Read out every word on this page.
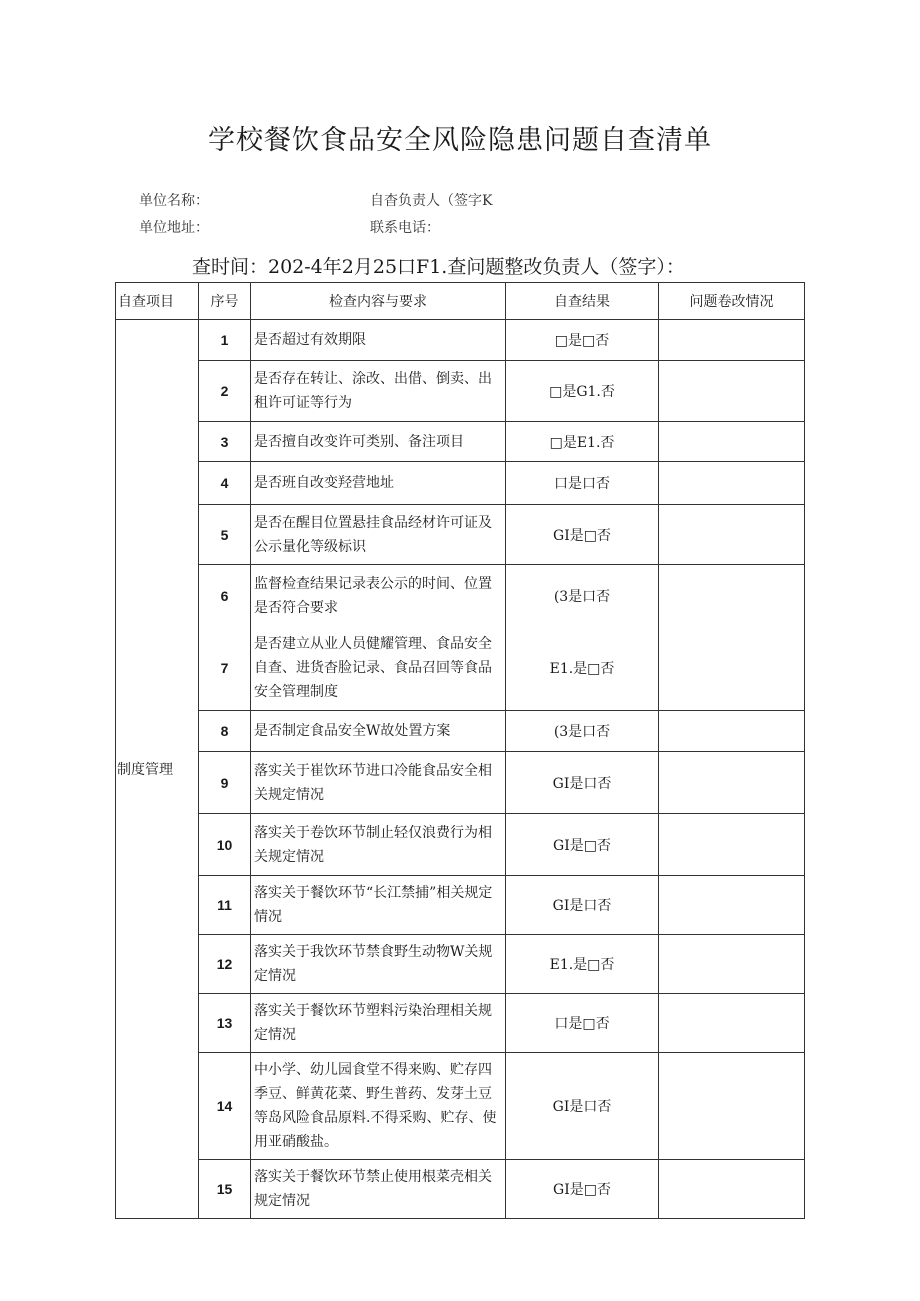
学校餐饮食品安全风险隐患问题自查清单
单位名称：	自杳负责人（签字K
单位地址：	联系电话：
查时间：202-4年2月25口F1.查问题整改负责人（签字）：
自查项目	序号	检查内容与要求	自查结果	问题卷改情况
制度管理	1	是否超过有效期限	□是□否	
	2	是否存在转让、涂改、出借、倒卖、出租许可证等行为	□是G1.否	
	3	是否擅自改变许可类别、备注项目	□是E1.否	
	4	是否班自改变羟营地址	口是口否	
	5	是否在醒目位置悬挂食品经材许可证及公示量化等级标识	GI是□否	
	6	监督检查结果记录表公示的时间、位置是否符合要求	(3是口否	
	7	是否建立从业人员健耀管理、食品安全自查、进货杳脸记录、食品召回等食品安全管理制度	E1.是□否	
	8	是否制定食品安全W故处置方案	(3是口否	
	9	落实关于崔饮环节进口冷能食品安全相关规定情况	GI是口否	
	10	落实关于卷饮环节制止轻仅浪费行为相关规定情况	GI是□否	
	11	落实关于餐饮环节“长江禁捕”相关规定情况	GI是口否	
	12	落实关于我饮环节禁食野生动物W关规定情况	E1.是□否	
	13	落实关于餐饮环节塑料污染治理相关规定情况	口是□否	
	14	中小学、幼儿园食堂不得来购、贮存四季豆、鲜黄花菜、野生普药、发芽土豆等岛风险食品原料.不得采购、贮存、使用亚硝酸盐。	GI是口否	
	15	落实关于餐饮环节禁止使用根菜壳相关规定情况	GI是□否	
